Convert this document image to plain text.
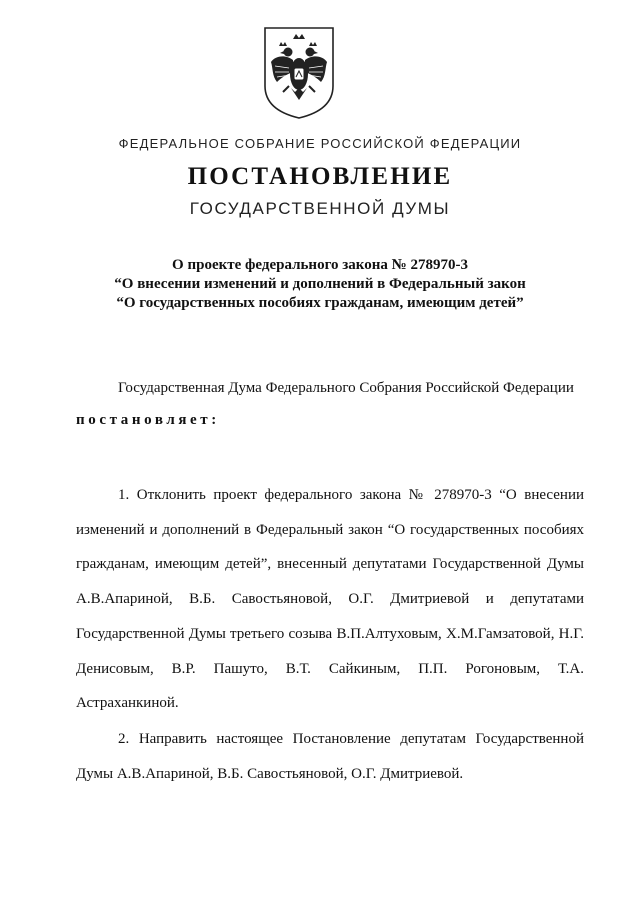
ФЕДЕРАЛЬНОЕ СОБРАНИЕ РОССИЙСКОЙ ФЕДЕРАЦИИ
ПОСТАНОВЛЕНИЕ
ГОСУДАРСТВЕННОЙ ДУМЫ
О проекте федерального закона № 278970-3
“О внесении изменений и дополнений в Федеральный закон
“О государственных пособиях гражданам, имеющим детей”
Государственная Дума Федерального Собрания Российской Федерации
постановляет:
1. Отклонить проект федерального закона № 278970-3 “О внесении изменений и дополнений в Федеральный закон “О государственных пособиях гражданам, имеющим детей”, внесенный депутатами Государственной Думы А.В.Апариной, В.Б. Савостьяновой, О.Г. Дмитриевой и депутатами Государственной Думы третьего созыва В.П.Алтуховым, Х.М.Гамзатовой, Н.Г. Денисовым, В.Р. Пашуто, В.Т. Сайкиным, П.П. Рогоновым, Т.А. Астраханкиной.
2. Направить настоящее Постановление депутатам Государственной Думы А.В.Апариной, В.Б. Савостьяновой, О.Г. Дмитриевой.
